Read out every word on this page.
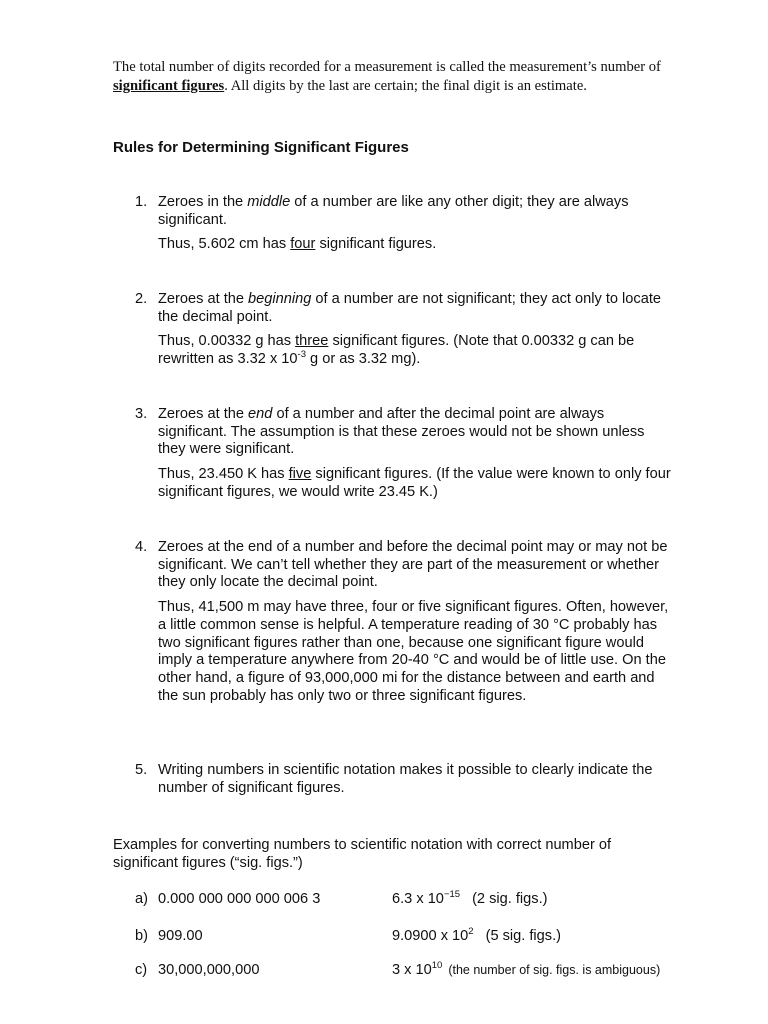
The total number of digits recorded for a measurement is called the measurement’s number of significant figures. All digits by the last are certain; the final digit is an estimate.
Rules for Determining Significant Figures
1. Zeroes in the middle of a number are like any other digit; they are always significant.
Thus, 5.602 cm has four significant figures.
2. Zeroes at the beginning of a number are not significant; they act only to locate the decimal point.
Thus, 0.00332 g has three significant figures. (Note that 0.00332 g can be rewritten as 3.32 x $10^{-3}$ g or as 3.32 mg).
3. Zeroes at the end of a number and after the decimal point are always significant. The assumption is that these zeroes would not be shown unless they were significant.
Thus, 23.450 K has five significant figures. (If the value were known to only four significant figures, we would write 23.45 K.)
4. Zeroes at the end of a number and before the decimal point may or may not be significant. We can’t tell whether they are part of the measurement or whether they only locate the decimal point.
Thus, 41,500 m may have three, four or five significant figures. Often, however, a little common sense is helpful. A temperature reading of 30 °C probably has two significant figures rather than one, because one significant figure would imply a temperature anywhere from 20-40 °C and would be of little use. On the other hand, a figure of 93,000,000 mi for the distance between and earth and the sun probably has only two or three significant figures.
5. Writing numbers in scientific notation makes it possible to clearly indicate the number of significant figures.
Examples for converting numbers to scientific notation with correct number of significant figures (“sig. figs.”)
a) 0.000 000 000 000 006 3	6.3 x $10^{-15}$ (2 sig. figs.)
b) 909.00	9.0900 x $10^2$ (5 sig. figs.)
c) 30,000,000,000	3 x $10^{10}$ (the number of sig. figs. is ambiguous)
